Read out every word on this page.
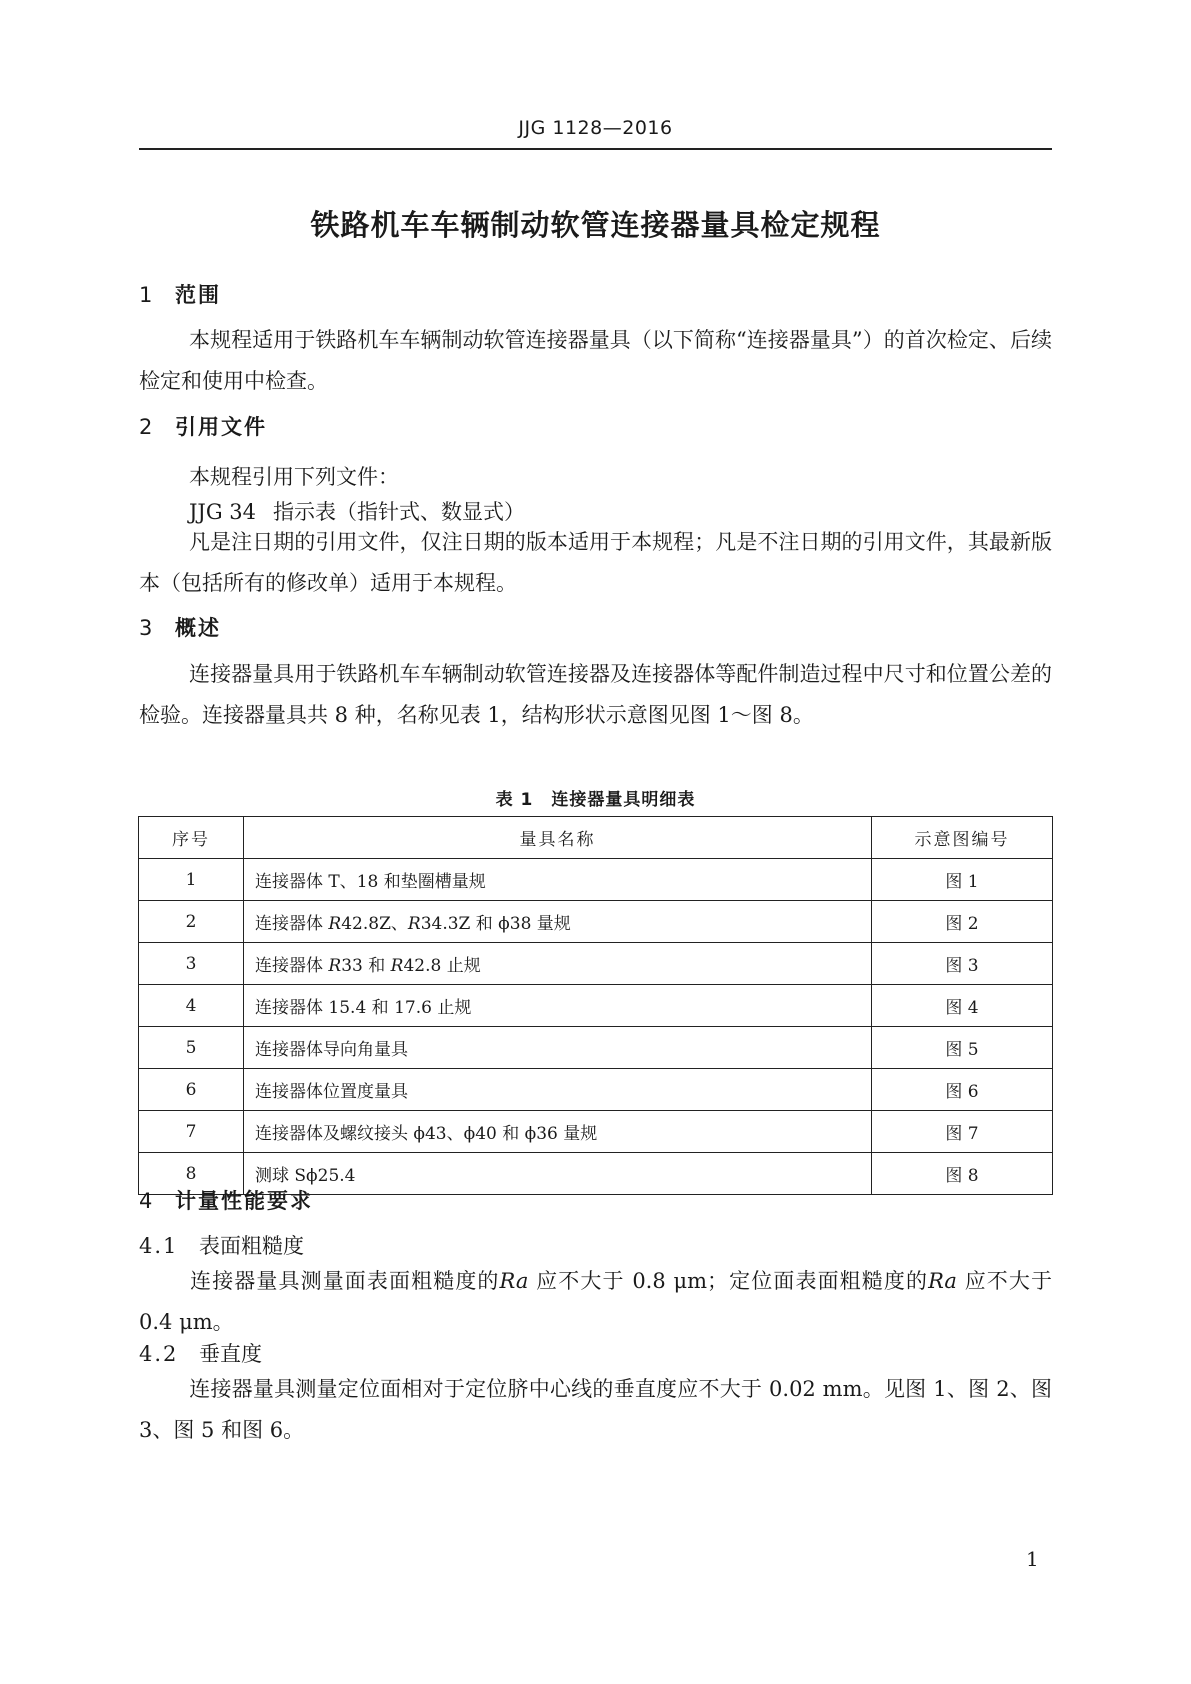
JJG 1128—2016
铁路机车车辆制动软管连接器量具检定规程
1 范围
本规程适用于铁路机车车辆制动软管连接器量具（以下简称“连接器量具”）的首次检定、后续检定和使用中检查。
2 引用文件
本规程引用下列文件：
JJG 34 指示表（指针式、数显式）
凡是注日期的引用文件，仅注日期的版本适用于本规程；凡是不注日期的引用文件，其最新版本（包括所有的修改单）适用于本规程。
3 概述
连接器量具用于铁路机车车辆制动软管连接器及连接器体等配件制造过程中尺寸和位置公差的检验。连接器量具共 8 种，名称见表 1，结构形状示意图见图 1～图 8。
表 1　连接器量具明细表
序号	量具名称	示意图编号
1	连接器体 T、18 和垫圈槽量规	图 1
2	连接器体 R42.8Z、R34.3Z 和 ϕ38 量规	图 2
3	连接器体 R33 和 R42.8 止规	图 3
4	连接器体 15.4 和 17.6 止规	图 4
5	连接器体导向角量具	图 5
6	连接器体位置度量具	图 6
7	连接器体及螺纹接头 ϕ43、ϕ40 和 ϕ36 量规	图 7
8	测球 Sϕ25.4	图 8
4 计量性能要求
4.1 表面粗糙度
连接器量具测量面表面粗糙度的Ra 应不大于 0.8 μm；定位面表面粗糙度的Ra 应不大于 0.4 μm。
4.2 垂直度
连接器量具测量定位面相对于定位脐中心线的垂直度应不大于 0.02 mm。见图 1、图 2、图 3、图 5 和图 6。
1
